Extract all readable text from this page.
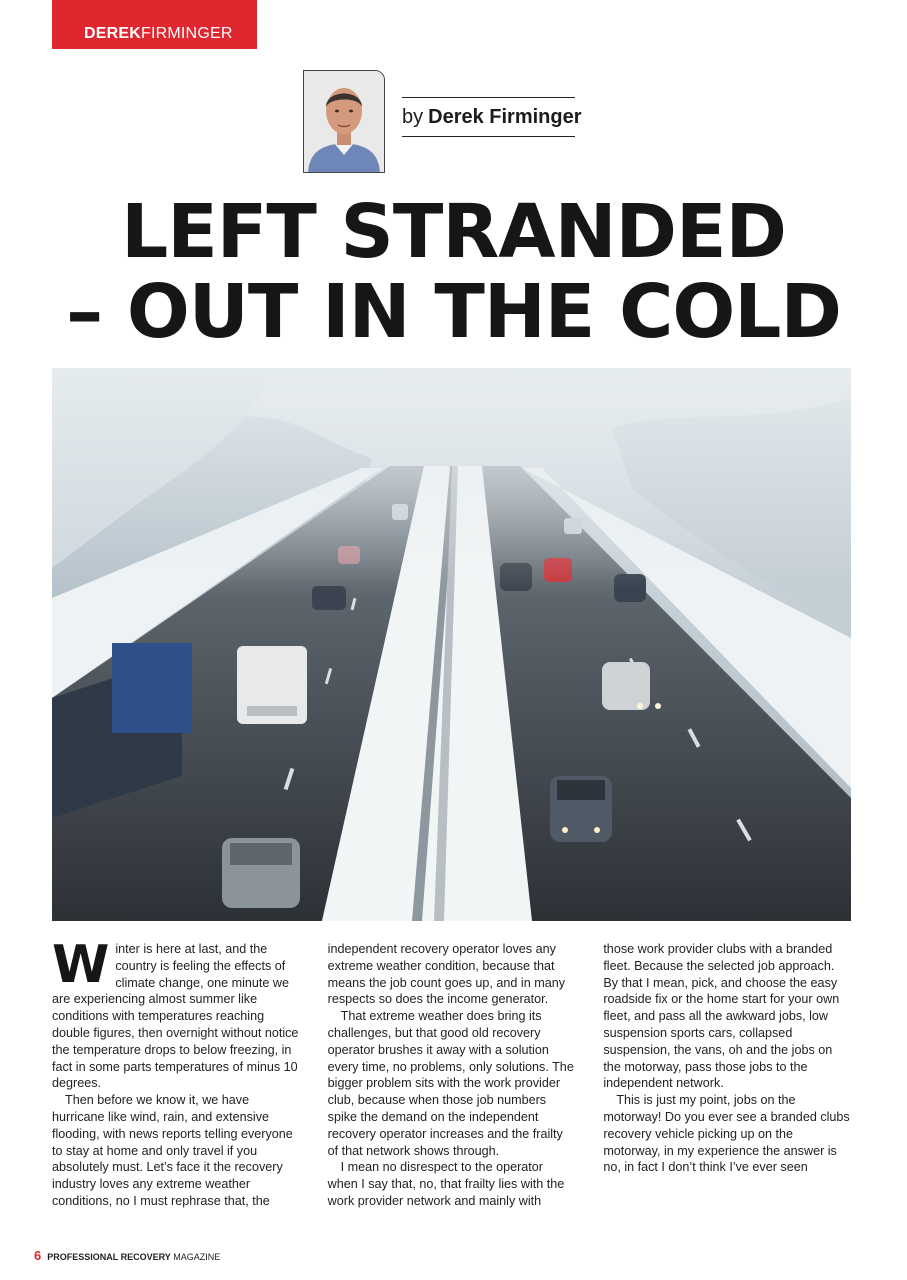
DEREK FIRMINGER
by Derek Firminger
LEFT STRANDED
– OUT IN THE COLD

Winter is here at last, and the country is feeling the effects of climate change, one minute we are experiencing almost summer like conditions with temperatures reaching double figures, then overnight without notice the temperature drops to below freezing, in fact in some parts temperatures of minus 10 degrees.

Then before we know it, we have hurricane like wind, rain, and extensive flooding, with news reports telling everyone to stay at home and only travel if you absolutely must. Let’s face it the recovery industry loves any extreme weather conditions, no I must rephrase that, the independent recovery operator loves any extreme weather condition, because that means the job count goes up, and in many respects so does the income generator.

That extreme weather does bring its challenges, but that good old recovery operator brushes it away with a solution every time, no problems, only solutions. The bigger problem sits with the work provider club, because when those job numbers spike the demand on the independent recovery operator increases and the frailty of that network shows through.

I mean no disrespect to the operator when I say that, no, that frailty lies with the work provider network and mainly with those work provider clubs with a branded fleet. Because the selected job approach. By that I mean, pick, and choose the easy roadside fix or the home start for your own fleet, and pass all the awkward jobs, low suspension sports cars, collapsed suspension, the vans, oh and the jobs on the motorway, pass those jobs to the independent network.

This is just my point, jobs on the motorway! Do you ever see a branded clubs recovery vehicle picking up on the motorway, in my experience the answer is no, in fact I don’t think I’ve ever seen

6 PROFESSIONAL RECOVERY
MAGAZINE
